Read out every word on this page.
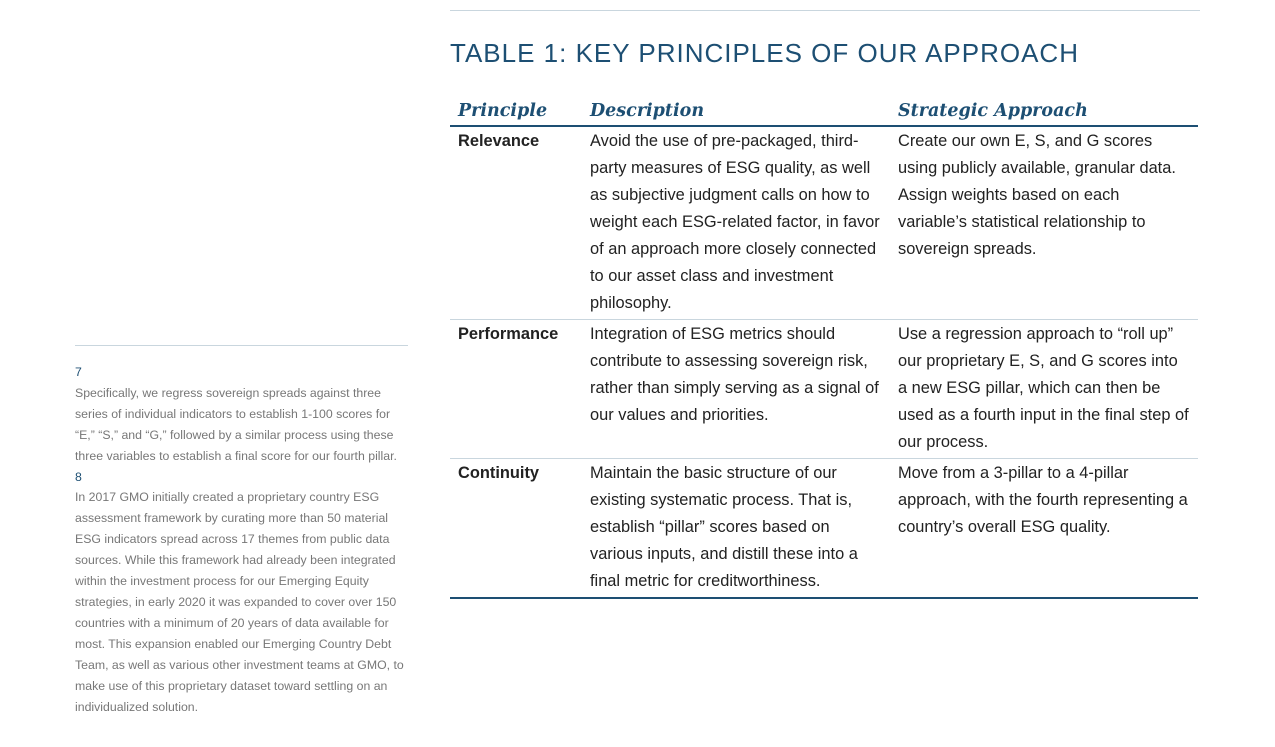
7

Specifically, we regress sovereign spreads against three series of individual indicators to establish 1-100 scores for “E,” “S,” and “G,” followed by a similar process using these three variables to establish a final score for our fourth pillar.

8

In 2017 GMO initially created a proprietary country ESG assessment framework by curating more than 50 material ESG indicators spread across 17 themes from public data sources. While this framework had already been integrated within the investment process for our Emerging Equity strategies, in early 2020 it was expanded to cover over 150 countries with a minimum of 20 years of data available for most. This expansion enabled our Emerging Country Debt Team, as well as various other investment teams at GMO, to make use of this proprietary dataset toward settling on an individualized solution.

TABLE 1: KEY PRINCIPLES OF OUR APPROACH
Principle	Description	Strategic Approach
Relevance	Avoid the use of pre-packaged, third-party measures of ESG quality, as well as subjective judgment calls on how to weight each ESG-related factor, in favor of an approach more closely connected to our asset class and investment philosophy.	Create our own E, S, and G scores using publicly available, granular data. Assign weights based on each variable’s statistical relationship to sovereign spreads.
Performance	Integration of ESG metrics should contribute to assessing sovereign risk, rather than simply serving as a signal of our values and priorities.	Use a regression approach to “roll up” our proprietary E, S, and G scores into a new ESG pillar, which can then be used as a fourth input in the final step of our process.
Continuity	Maintain the basic structure of our existing systematic process. That is, establish “pillar” scores based on various inputs, and distill these into a final metric for creditworthiness.	Move from a 3-pillar to a 4-pillar approach, with the fourth representing a country’s overall ESG quality.
